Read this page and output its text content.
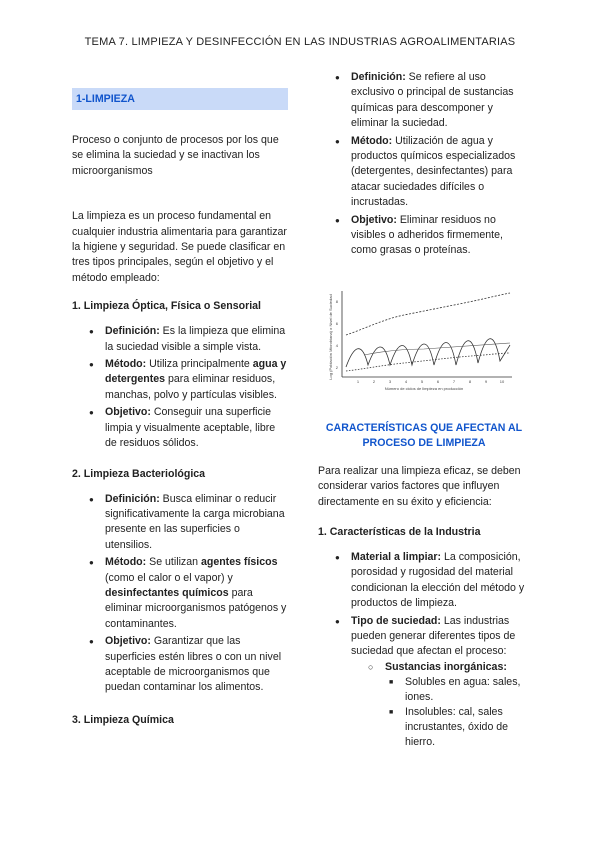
TEMA 7. LIMPIEZA Y DESINFECCIÓN EN LAS INDUSTRIAS AGROALIMENTARIAS
1-LIMPIEZA

Proceso o conjunto de procesos por los que se elimina la suciedad y se inactivan los microorganismos

La limpieza es un proceso fundamental en cualquier industria alimentaria para garantizar la higiene y seguridad. Se puede clasificar en tres tipos principales, según el objetivo y el método empleado:

1. Limpieza Óptica, Física o Sensorial

● Definición: Es la limpieza que elimina la suciedad visible a simple vista.
● Método: Utiliza principalmente agua y detergentes para eliminar residuos, manchas, polvo y partículas visibles.
● Objetivo: Conseguir una superficie limpia y visualmente aceptable, libre de residuos sólidos.

2. Limpieza Bacteriológica

● Definición: Busca eliminar o reducir significativamente la carga microbiana presente en las superficies o utensilios.
● Método: Se utilizan agentes físicos (como el calor o el vapor) y desinfectantes químicos para eliminar microorganismos patógenos y contaminantes.
● Objetivo: Garantizar que las superficies estén libres o con un nivel aceptable de microorganismos que puedan contaminar los alimentos.

3. Limpieza Química

● Definición: Se refiere al uso exclusivo o principal de sustancias químicas para descomponer y eliminar la suciedad.
● Método: Utilización de agua y productos químicos especializados (detergentes, desinfectantes) para atacar suciedades difíciles o incrustadas.
● Objetivo: Eliminar residuos no visibles o adheridos firmemente, como grasas o proteínas.
Log (Población Microbiana) o Nivel de Suciedad 8
6
4
2
1	2	3	4	5	6	7	8	9	10
Número de ciclos de limpieza en producción
CARACTERÍSTICAS QUE AFECTAN AL PROCESO DE LIMPIEZA

Para realizar una limpieza eficaz, se deben considerar varios factores que influyen directamente en su éxito y eficiencia:

1. Características de la Industria

● Material a limpiar: La composición, porosidad y rugosidad del material condicionan la elección del método y productos de limpieza.
● Tipo de suciedad: Las industrias pueden generar diferentes tipos de suciedad que afectan el proceso:
○ Sustancias inorgánicas:
■ Solubles en agua: sales, iones.
■ Insolubles: cal, sales incrustantes, óxido de hierro.
